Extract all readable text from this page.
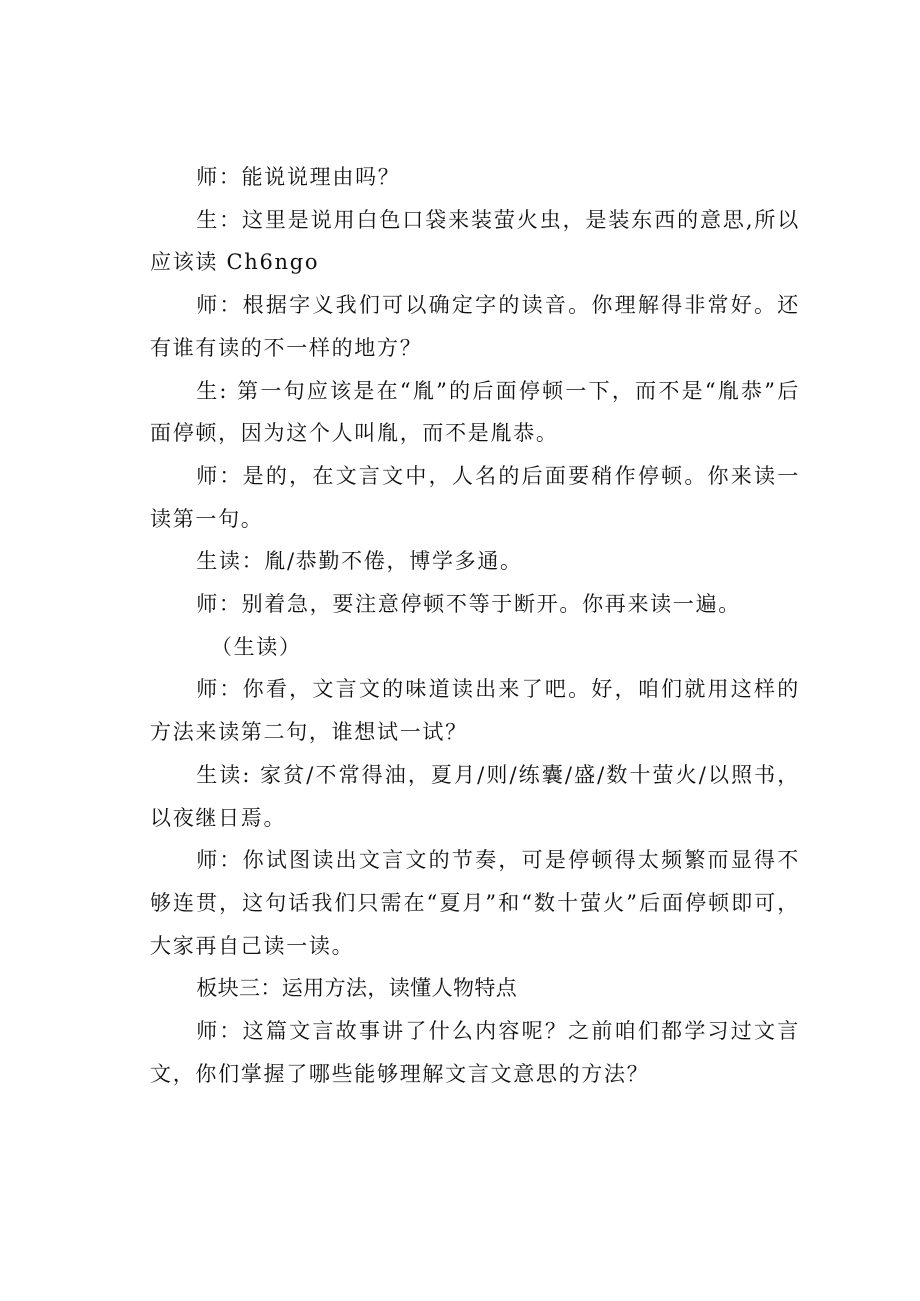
师：能说说理由吗？

生：这里是说用白色口袋来装萤火虫，是装东西的意思,所以应该读 Ch6ngo

师：根据字义我们可以确定字的读音。你理解得非常好。还有谁有读的不一样的地方？

生: 第一句应该是在“胤”的后面停顿一下，而不是“胤恭”后面停顿，因为这个人叫胤，而不是胤恭。

师：是的，在文言文中，人名的后面要稍作停顿。你来读一读第一句。

生读：胤/恭勤不倦，博学多通。

师：别着急，要注意停顿不等于断开。你再来读一遍。

（生读）

师：你看，文言文的味道读出来了吧。好，咱们就用这样的方法来读第二句，谁想试一试？

生读: 家贫/不常得油，夏月/则/练囊/盛/数十萤火/以照书，以夜继日焉。

师：你试图读出文言文的节奏，可是停顿得太频繁而显得不够连贯，这句话我们只需在“夏月”和“数十萤火”后面停顿即可，大家再自己读一读。

板块三：运用方法，读懂人物特点

师：这篇文言故事讲了什么内容呢？之前咱们都学习过文言文，你们掌握了哪些能够理解文言文意思的方法？
